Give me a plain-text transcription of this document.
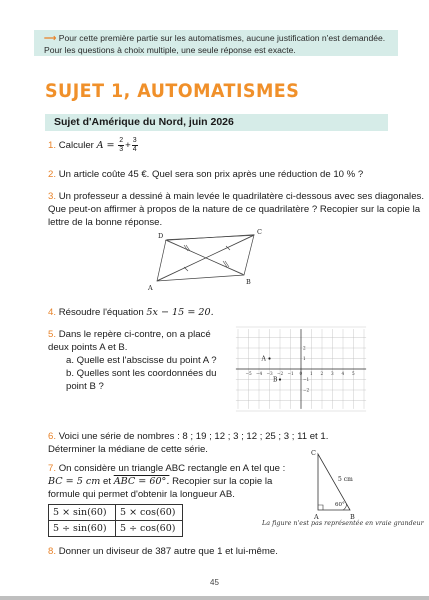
⟶ Pour cette première partie sur les automatismes, aucune justification n'est demandée. Pour les questions à choix multiple, une seule réponse est exacte.
SUJET 1, AUTOMATISMES
Sujet d'Amérique du Nord, juin 2026
1. Calculer $A = \frac{2}{3} + \frac{3}{4}$
2. Un article coûte 45 €. Quel sera son prix après une réduction de 10 % ?
3. Un professeur a dessiné à main levée le quadrilatère ci-dessous avec ses diagonales.
Que peut-on affirmer à propos de la nature de ce quadrilatère ? Recopier sur la copie la
lettre de la bonne réponse.
D	C
B
A
4. Résoudre l'équation 5x − 15 = 20.
5. Dans le repère ci-contre, on a placé
deux points A et B.
a. Quelle est l'abscisse du point A ?
b. Quelles sont les coordonnées du
point B ?
−5 −4 −3 −2 −1 0 1 2 3 4 5
2
1
−1
−2
A
B
6. Voici une série de nombres : 8 ; 19 ; 12 ; 3 ; 12 ; 25 ; 3 ; 11 et 1.
Déterminer la médiane de cette série.
7. On considère un triangle ABC rectangle en A tel que :
BC = 5 cm et ABC = 60°. Recopier sur la copie la
formule qui permet d'obtenir la longueur AB.
5 × sin(60)	5 × cos(60)
5 ÷ sin(60)	5 ÷ cos(60)
C
A	B
5 cm
60°
La figure n'est pas représentée en vraie grandeur
8. Donner un diviseur de 387 autre que 1 et lui-même.
45
